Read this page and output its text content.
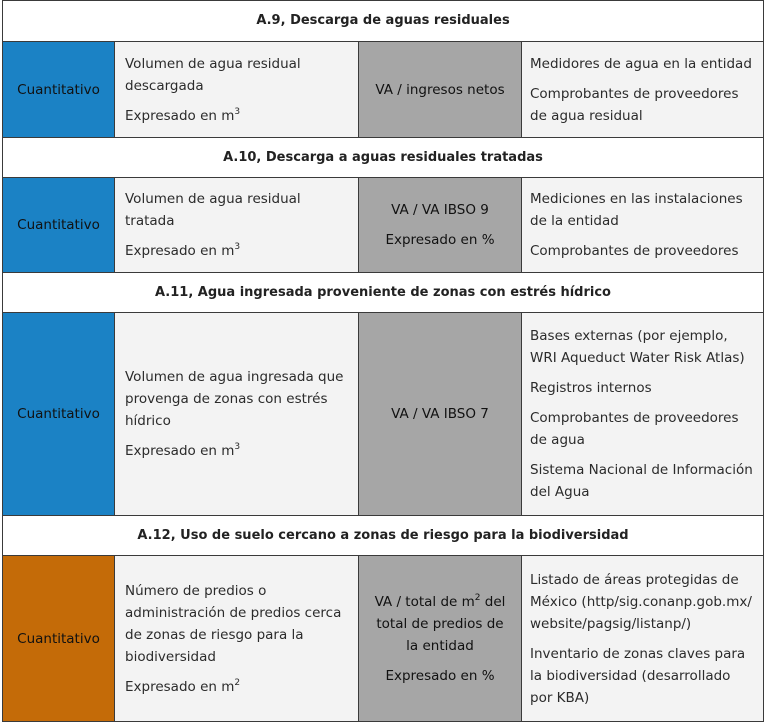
A.9, Descarga de aguas residuales
Cuantitativo
Volumen de agua residual descargada
Expresado en $m^3$
VA / ingresos netos
Medidores de agua en la entidad
Comprobantes de proveedores de agua residual
A.10, Descarga a aguas residuales tratadas
Cuantitativo
Volumen de agua residual tratada
Expresado en $m^3$
VA / VA IBSO 9
Expresado en %
Mediciones en las instalaciones de la entidad
Comprobantes de proveedores
A.11, Agua ingresada proveniente de zonas con estrés hídrico
Cuantitativo
Volumen de agua ingresada que provenga de zonas con estrés hídrico
Expresado en $m^3$
VA / VA IBSO 7
Bases externas (por ejemplo, WRI Aqueduct Water Risk Atlas)
Registros internos
Comprobantes de proveedores de agua
Sistema Nacional de Información del Agua
A.12, Uso de suelo cercano a zonas de riesgo para la biodiversidad
Cuantitativo
Número de predios o administración de predios cerca de zonas de riesgo para la biodiversidad
Expresado en $m^2$
VA / total de $m^2$ del total de predios de la entidad
Expresado en %
Listado de áreas protegidas de México (http/sig.conanp.gob.mx/website/pagsig/listanp/)
Inventario de zonas claves para la biodiversidad (desarrollado por KBA)
